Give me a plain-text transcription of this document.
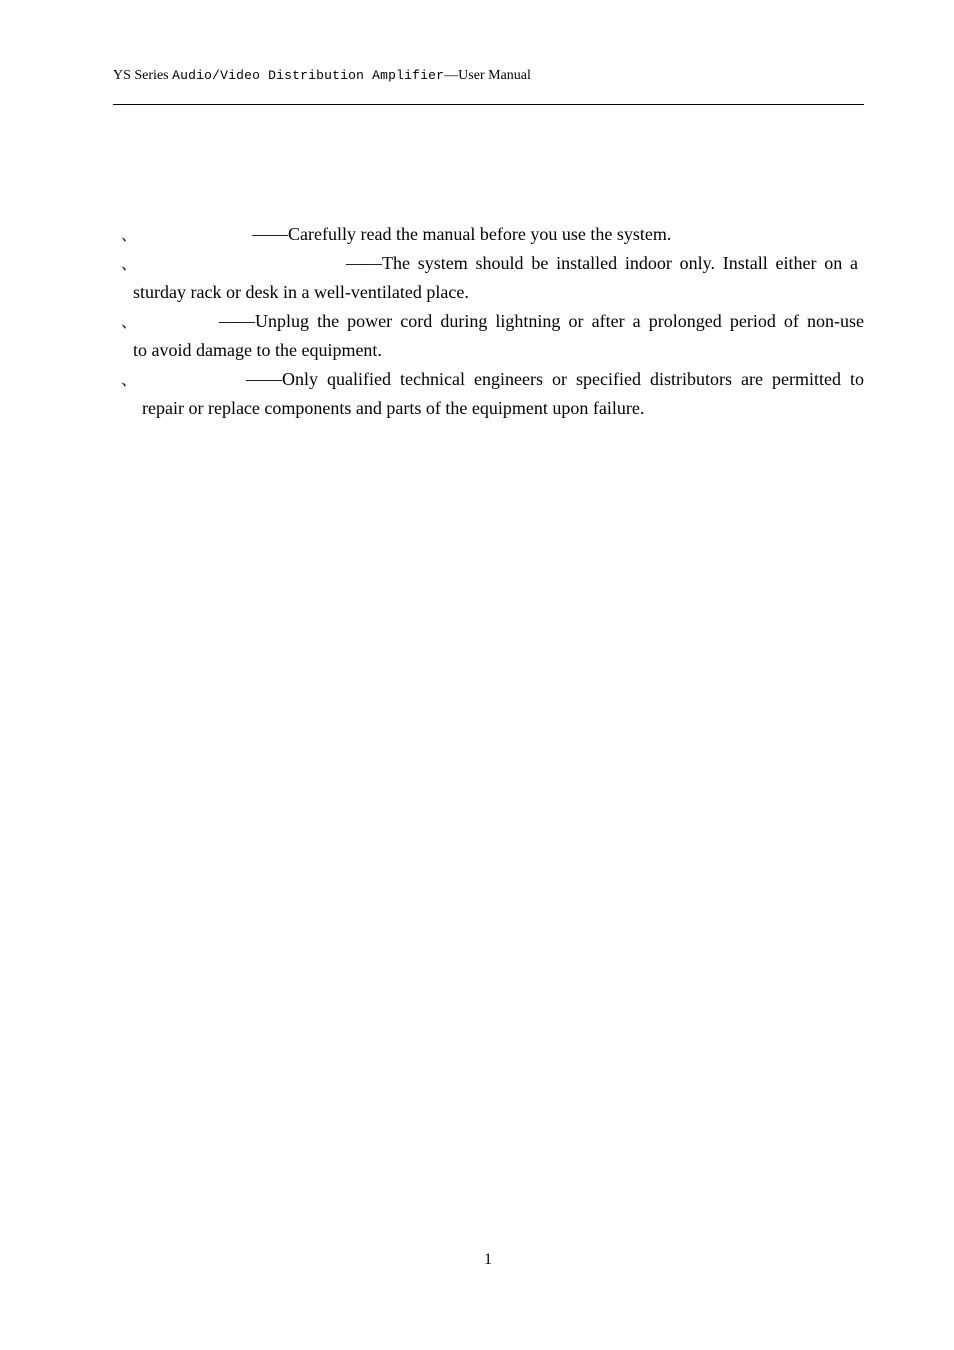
YS Series Audio/Video Distribution Amplifier—User Manual
、	——Carefully read the manual before you use the system.
、	——The system should be installed indoor only. Install either on a
sturday rack or desk in a well-ventilated place.
、	——Unplug the power cord during lightning or after a prolonged period of non-use
to avoid damage to the equipment.
、	——Only qualified technical engineers or specified distributors are permitted to
repair or replace components and parts of the equipment upon failure.
1
